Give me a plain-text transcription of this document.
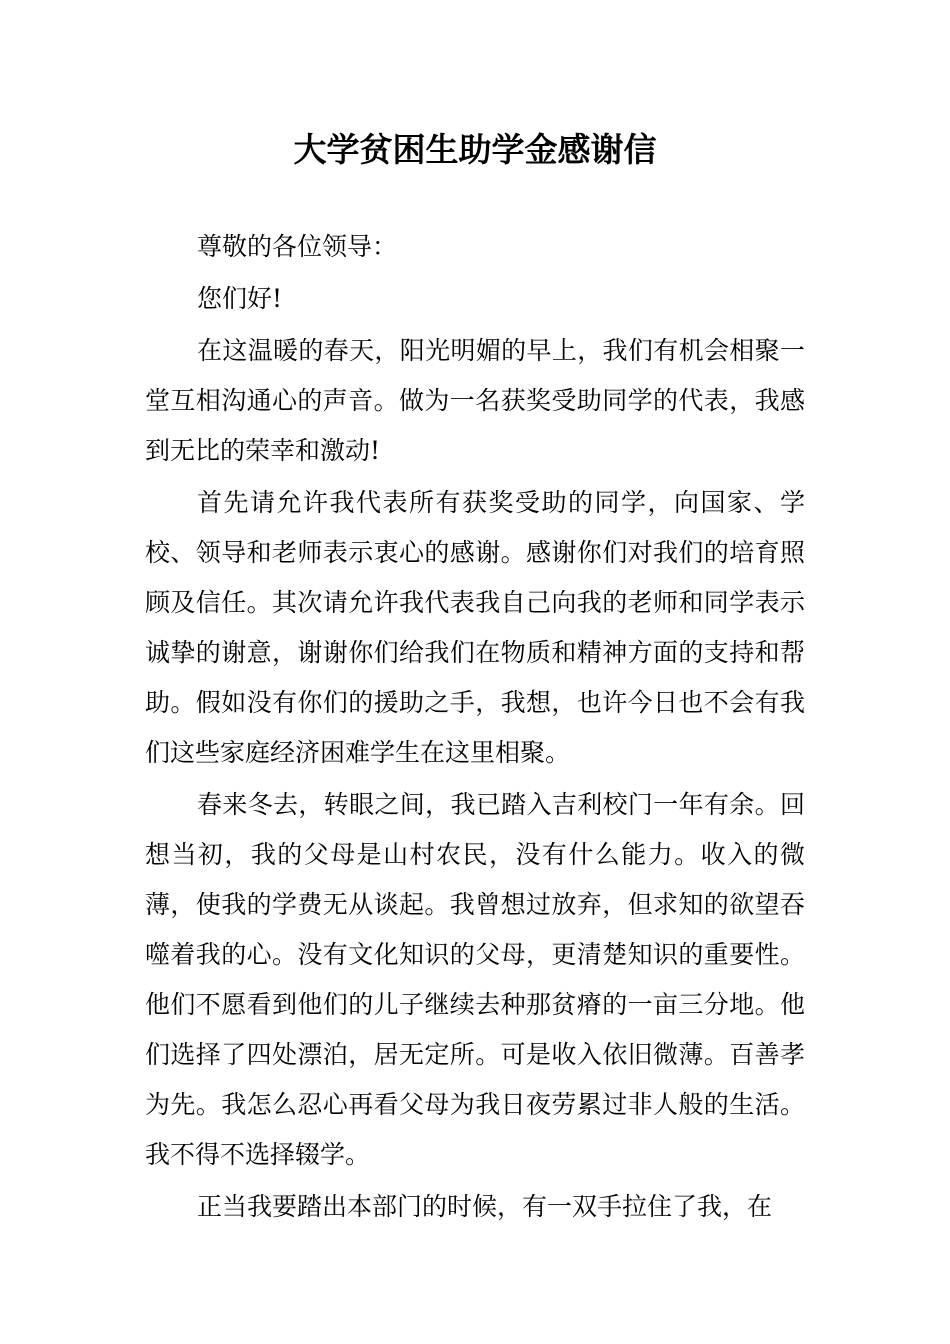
大学贫困生助学金感谢信

尊敬的各位领导：

您们好!

在这温暖的春天，阳光明媚的早上，我们有机会相聚一堂互相沟通心的声音。做为一名获奖受助同学的代表，我感到无比的荣幸和激动!

首先请允许我代表所有获奖受助的同学，向国家、学校、领导和老师表示衷心的感谢。感谢你们对我们的培育照顾及信任。其次请允许我代表我自己向我的老师和同学表示诚挚的谢意，谢谢你们给我们在物质和精神方面的支持和帮助。假如没有你们的援助之手，我想，也许今日也不会有我们这些家庭经济困难学生在这里相聚。

春来冬去，转眼之间，我已踏入吉利校门一年有余。回想当初，我的父母是山村农民，没有什么能力。收入的微薄，使我的学费无从谈起。我曾想过放弃，但求知的欲望吞噬着我的心。没有文化知识的父母，更清楚知识的重要性。他们不愿看到他们的儿子继续去种那贫瘠的一亩三分地。他们选择了四处漂泊，居无定所。可是收入依旧微薄。百善孝为先。我怎么忍心再看父母为我日夜劳累过非人般的生活。我不得不选择辍学。

正当我要踏出本部门的时候，有一双手拉住了我，在
